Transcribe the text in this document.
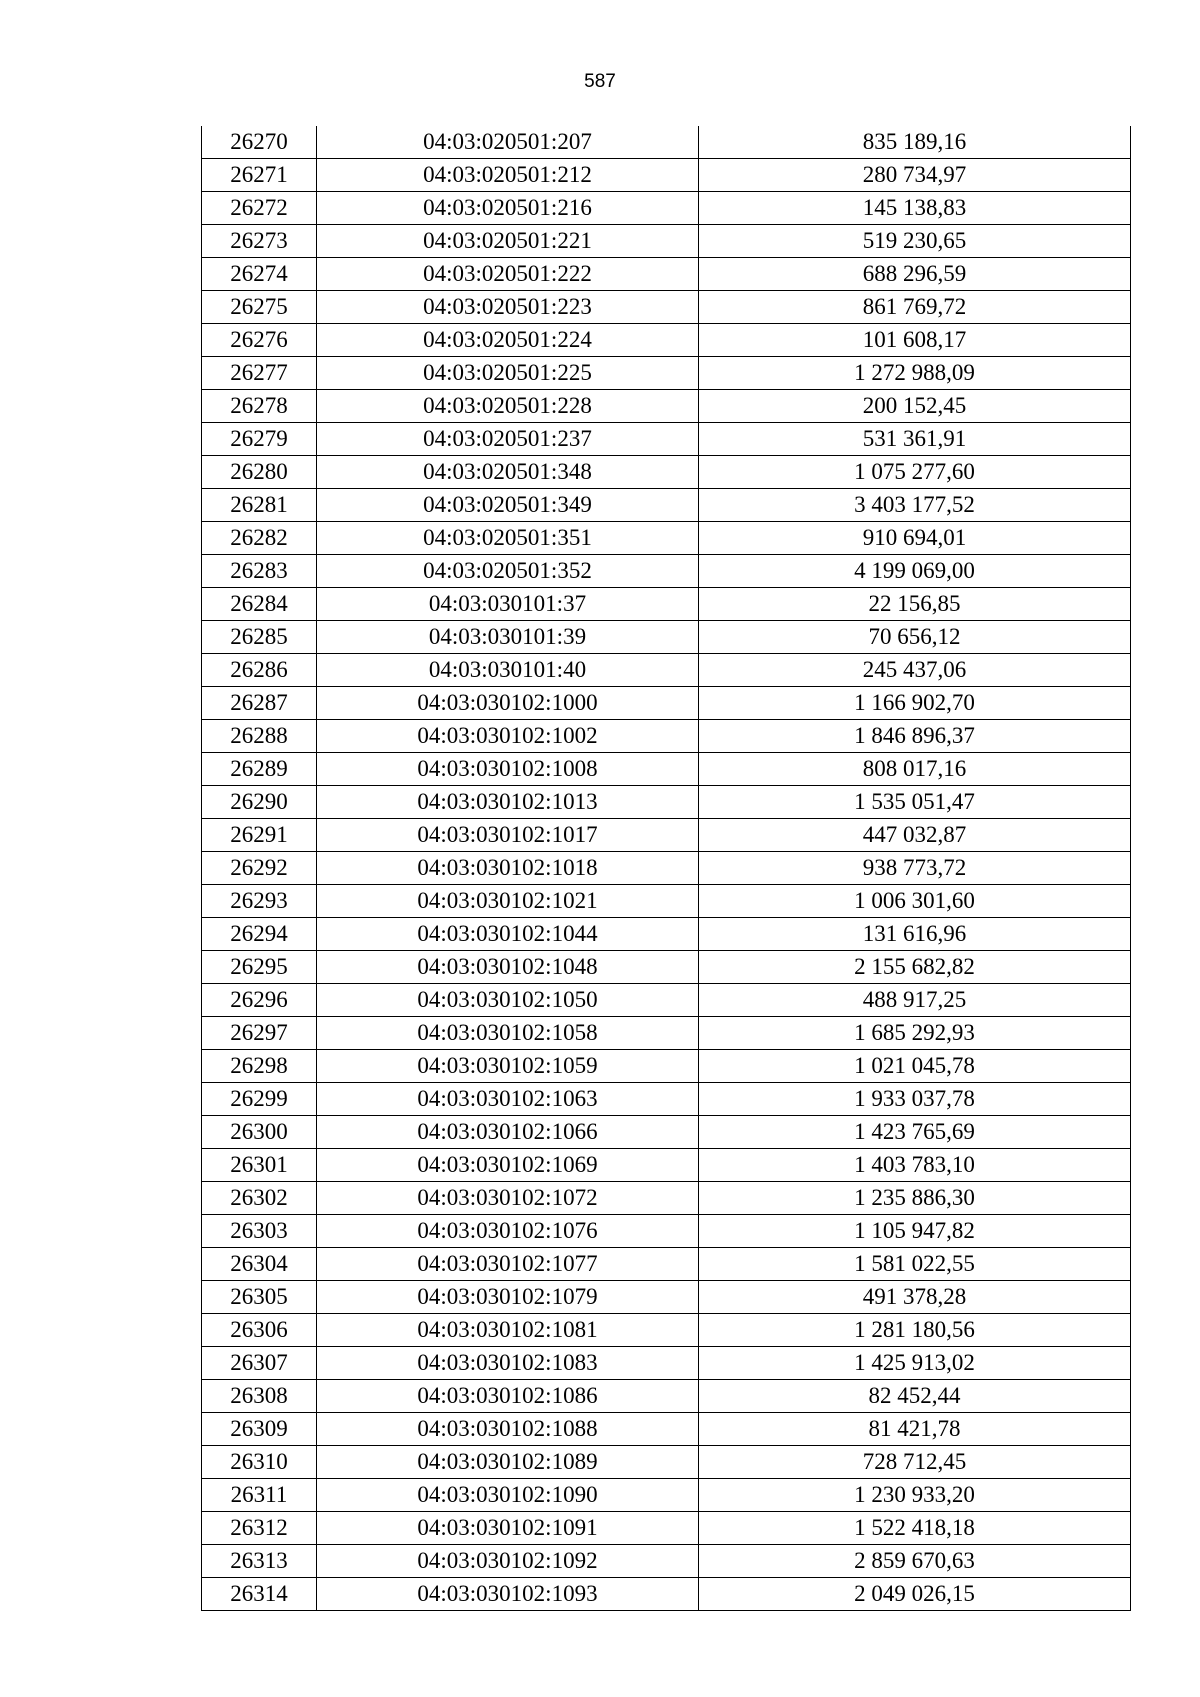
587
26270	04:03:020501:207	835 189,16
26271	04:03:020501:212	280 734,97
26272	04:03:020501:216	145 138,83
26273	04:03:020501:221	519 230,65
26274	04:03:020501:222	688 296,59
26275	04:03:020501:223	861 769,72
26276	04:03:020501:224	101 608,17
26277	04:03:020501:225	1 272 988,09
26278	04:03:020501:228	200 152,45
26279	04:03:020501:237	531 361,91
26280	04:03:020501:348	1 075 277,60
26281	04:03:020501:349	3 403 177,52
26282	04:03:020501:351	910 694,01
26283	04:03:020501:352	4 199 069,00
26284	04:03:030101:37	22 156,85
26285	04:03:030101:39	70 656,12
26286	04:03:030101:40	245 437,06
26287	04:03:030102:1000	1 166 902,70
26288	04:03:030102:1002	1 846 896,37
26289	04:03:030102:1008	808 017,16
26290	04:03:030102:1013	1 535 051,47
26291	04:03:030102:1017	447 032,87
26292	04:03:030102:1018	938 773,72
26293	04:03:030102:1021	1 006 301,60
26294	04:03:030102:1044	131 616,96
26295	04:03:030102:1048	2 155 682,82
26296	04:03:030102:1050	488 917,25
26297	04:03:030102:1058	1 685 292,93
26298	04:03:030102:1059	1 021 045,78
26299	04:03:030102:1063	1 933 037,78
26300	04:03:030102:1066	1 423 765,69
26301	04:03:030102:1069	1 403 783,10
26302	04:03:030102:1072	1 235 886,30
26303	04:03:030102:1076	1 105 947,82
26304	04:03:030102:1077	1 581 022,55
26305	04:03:030102:1079	491 378,28
26306	04:03:030102:1081	1 281 180,56
26307	04:03:030102:1083	1 425 913,02
26308	04:03:030102:1086	82 452,44
26309	04:03:030102:1088	81 421,78
26310	04:03:030102:1089	728 712,45
26311	04:03:030102:1090	1 230 933,20
26312	04:03:030102:1091	1 522 418,18
26313	04:03:030102:1092	2 859 670,63
26314	04:03:030102:1093	2 049 026,15
